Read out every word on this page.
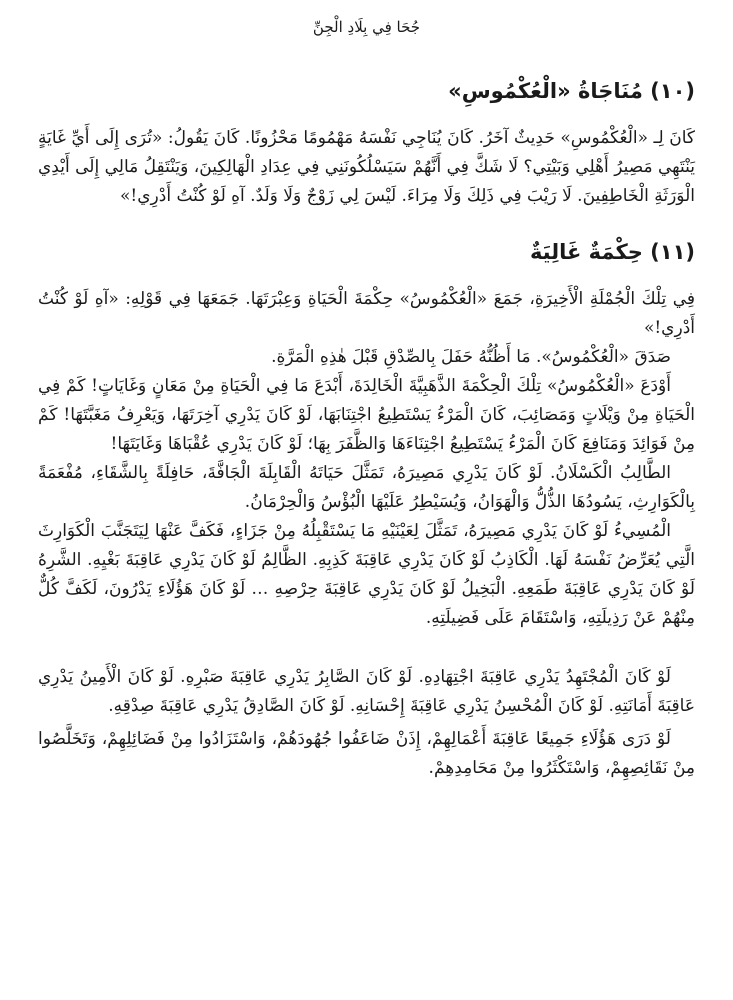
جُحَا فِي بِلَادِ الْجِنِّ
(١٠) مُنَاجَاةُ «الْعُكْمُوسِ»

كَانَ لِـ «الْعُكْمُوسِ» حَدِيثٌ آخَرُ. كَانَ يُنَاجِي نَفْسَهُ مَهْمُومًا مَحْزُونًا. كَانَ يَقُولُ: «تُرَى إِلَى أَيِّ غَايَةٍ يَنْتَهِي مَصِيرُ أَهْلِي وَبَيْتِي؟ لَا شَكَّ فِي أَنَّهُمْ سَيَسْلُكُونَنِي فِي عِدَادِ الْهَالِكِينَ، وَيَنْتَقِلُ مَالِي إِلَى أَيْدِي الْوَرَثَةِ الْخَاطِفِينَ. لَا رَيْبَ فِي ذَلِكَ وَلَا مِرَاءَ. لَيْسَ لِي زَوْجٌ وَلَا وَلَدٌ. آهِ لَوْ كُنْتُ أَدْرِي!»

(١١) حِكْمَةٌ غَالِيَةٌ

فِي تِلْكَ الْجُمْلَةِ الْأَخِيرَةِ، جَمَعَ «الْعُكْمُوسُ» حِكْمَةَ الْحَيَاةِ وَعِبْرَتَهَا. جَمَعَهَا فِي قَوْلِهِ: «آهِ لَوْ كُنْتُ أَدْرِي!»

صَدَقَ «الْعُكْمُوسُ». مَا أَظُنُّهُ حَفَلَ بِالصِّدْقِ قَبْلَ هٰذِهِ الْمَرَّةِ.

أَوْدَعَ «الْعُكْمُوسُ» تِلْكَ الْحِكْمَةَ الذَّهَبِيَّةَ الْخَالِدَةَ، أَبْدَعَ مَا فِي الْحَيَاةِ مِنْ مَعَانٍ وَغَايَاتٍ! كَمْ فِي الْحَيَاةِ مِنْ وَيْلَاتٍ وَمَصَائِبَ، كَانَ الْمَرْءُ يَسْتَطِيعُ اجْتِنَابَهَا، لَوْ كَانَ يَدْرِي آخِرَتَهَا، وَيَعْرِفُ مَغَبَّتَهَا! كَمْ مِنْ فَوَائِدَ وَمَنَافِعَ كَانَ الْمَرْءُ يَسْتَطِيعُ اجْتِنَاءَهَا وَالظَّفَرَ بِهَا؛ لَوْ كَانَ يَدْرِي عُقْبَاهَا وَغَايَتَهَا!

الطَّالِبُ الْكَسْلَانُ. لَوْ كَانَ يَدْرِي مَصِيرَهُ، تَمَثَّلَ حَيَاتَهُ الْقَابِلَةَ الْجَافَّةَ، حَافِلَةً بِالشَّقَاءِ، مُفْعَمَةً بِالْكَوَارِثِ، يَسُودُهَا الذُّلُّ وَالْهَوَانُ، وَيُسَيْطِرُ عَلَيْهَا الْبُؤْسُ وَالْحِرْمَانُ.

الْمُسِيءُ لَوْ كَانَ يَدْرِي مَصِيرَهُ، تَمَثَّلَ لِعَيْنَيْهِ مَا يَسْتَقْبِلُهُ مِنْ جَزَاءٍ، فَكَفَّ عَنْهَا لِيَتَجَنَّبَ الْكَوَارِثَ الَّتِي يُعَرِّضُ نَفْسَهُ لَهَا. الْكَاذِبُ لَوْ كَانَ يَدْرِي عَاقِبَةَ كَذِبِهِ. الظَّالِمُ لَوْ كَانَ يَدْرِي عَاقِبَةَ بَغْيِهِ. الشَّرِهُ لَوْ كَانَ يَدْرِي عَاقِبَةَ طَمَعِهِ. الْبَخِيلُ لَوْ كَانَ يَدْرِي عَاقِبَةَ حِرْصِهِ … لَوْ كَانَ هَؤُلَاءِ يَدْرُونَ، لَكَفَّ كُلٌّ مِنْهُمْ عَنْ رَذِيلَتِهِ، وَاسْتَقَامَ عَلَى فَضِيلَتِهِ.

لَوْ كَانَ الْمُجْتَهِدُ يَدْرِي عَاقِبَةَ اجْتِهَادِهِ. لَوْ كَانَ الصَّابِرُ يَدْرِي عَاقِبَةَ صَبْرِهِ. لَوْ كَانَ الْأَمِينُ يَدْرِي عَاقِبَةَ أَمَانَتِهِ. لَوْ كَانَ الْمُحْسِنُ يَدْرِي عَاقِبَةَ إِحْسَانِهِ. لَوْ كَانَ الصَّادِقُ يَدْرِي عَاقِبَةَ صِدْقِهِ.

لَوْ دَرَى هَؤُلَاءِ جَمِيعًا عَاقِبَةَ أَعْمَالِهِمْ، إِذَنْ ضَاعَفُوا جُهُودَهُمْ، وَاسْتَزَادُوا مِنْ فَضَائِلِهِمْ، وَتَخَلَّصُوا مِنْ نَقَائِصِهِمْ، وَاسْتَكْثَرُوا مِنْ مَحَامِدِهِمْ.
